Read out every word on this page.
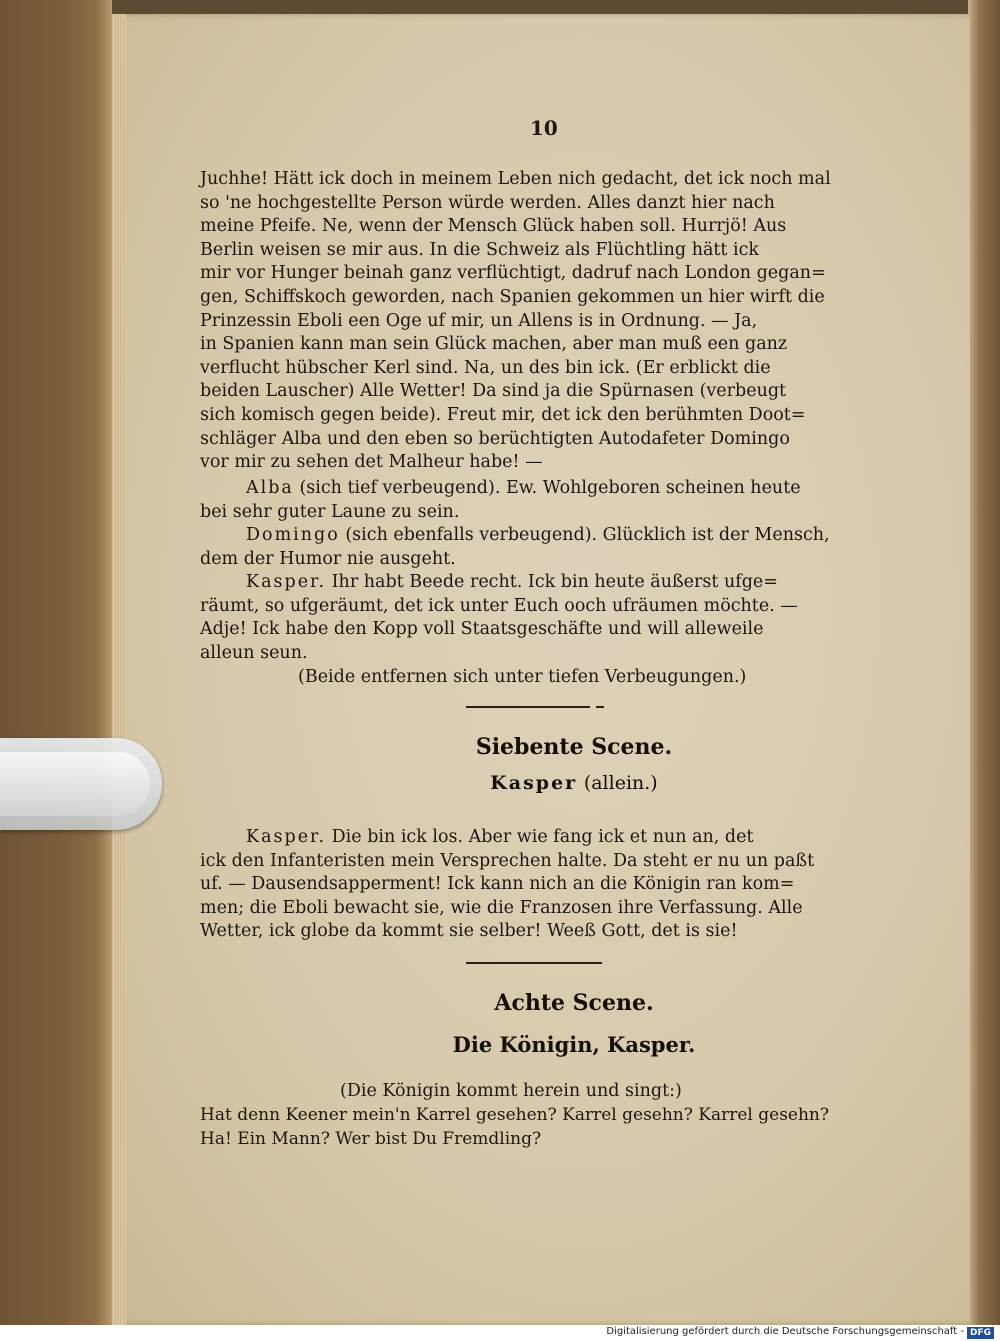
10
Juchhe! Hätt ick doch in meinem Leben nich gedacht, det ick noch mal
so 'ne hochgestellte Person würde werden. Alles danzt hier nach
meine Pfeife. Ne, wenn der Mensch Glück haben soll. Hurrjö! Aus
Berlin weisen se mir aus. In die Schweiz als Flüchtling hätt ick
mir vor Hunger beinah ganz verflüchtigt, dadruf nach London gegan=
gen, Schiffskoch geworden, nach Spanien gekommen un hier wirft die
Prinzessin Eboli een Oge uf mir, un Allens is in Ordnung. — Ja,
in Spanien kann man sein Glück machen, aber man muß een ganz
verflucht hübscher Kerl sind. Na, un des bin ick. (Er erblickt die
beiden Lauscher) Alle Wetter! Da sind ja die Spürnasen (verbeugt
sich komisch gegen beide). Freut mir, det ick den berühmten Doot=
schläger Alba und den eben so berüchtigten Autodafeter Domingo
vor mir zu sehen det Malheur habe! —
Alba (sich tief verbeugend). Ew. Wohlgeboren scheinen heute
bei sehr guter Laune zu sein.
Domingo (sich ebenfalls verbeugend). Glücklich ist der Mensch,
dem der Humor nie ausgeht.
Kasper. Ihr habt Beede recht. Ick bin heute äußerst ufge=
räumt, so ufgeräumt, det ick unter Euch ooch ufräumen möchte. —
Adje! Ick habe den Kopp voll Staatsgeschäfte und will alleweile
alleun seun.
(Beide entfernen sich unter tiefen Verbeugungen.)
Siebente Scene.
Kasper (allein.)
Kasper. Die bin ick los. Aber wie fang ick et nun an, det
ick den Infanteristen mein Versprechen halte. Da steht er nu un paßt
uf. — Dausendsapperment! Ick kann nich an die Königin ran kom=
men; die Eboli bewacht sie, wie die Franzosen ihre Verfassung. Alle
Wetter, ick globe da kommt sie selber! Weeß Gott, det is sie!
Achte Scene.
Die Königin, Kasper.
(Die Königin kommt herein und singt:)
Hat denn Keener mein'n Karrel gesehen? Karrel gesehn? Karrel gesehn?
Ha! Ein Mann? Wer bist Du Fremdling?
Digitalisierung gefördert durch die Deutsche Forschungsgemeinschaft - DFG
